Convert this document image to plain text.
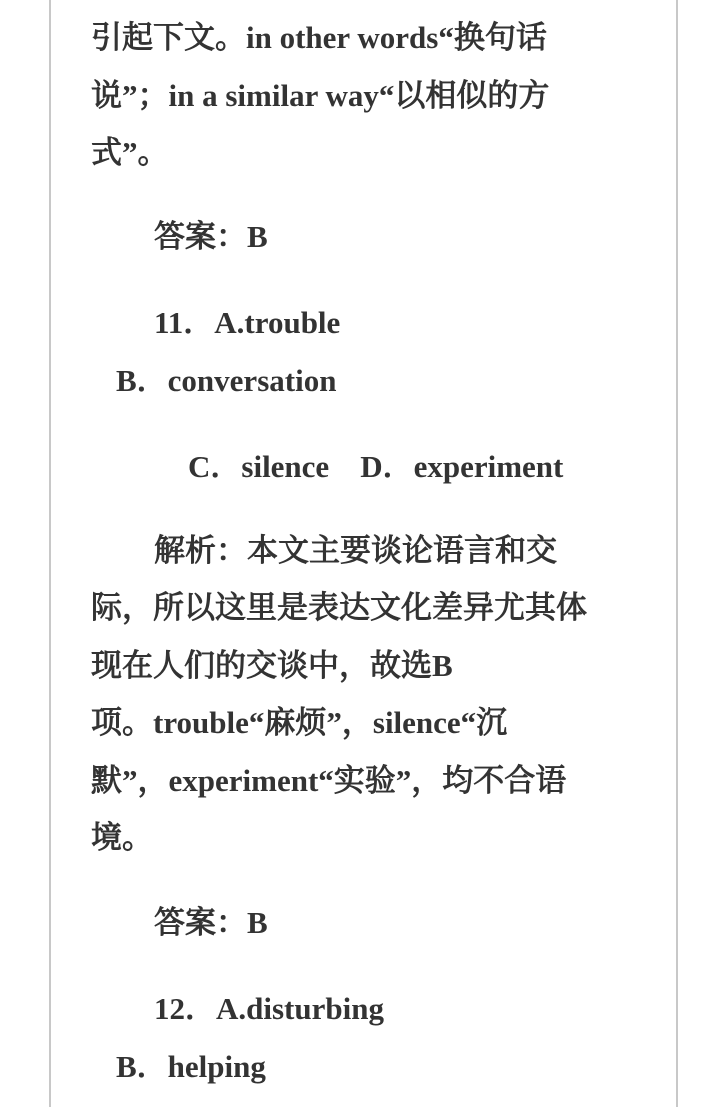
引起下文。in other words“换句话
说”；in a similar way“以相似的方
式”。
答案：B
11．A.trouble
B．conversation
C．silence　D．experiment
解析：本文主要谈论语言和交
际，所以这里是表达文化差异尤其体
现在人们的交谈中，故选B
项。trouble“麻烦”，silence“沉
默”，experiment“实验”，均不合语
境。
答案：B
12．A.disturbing
B．helping
